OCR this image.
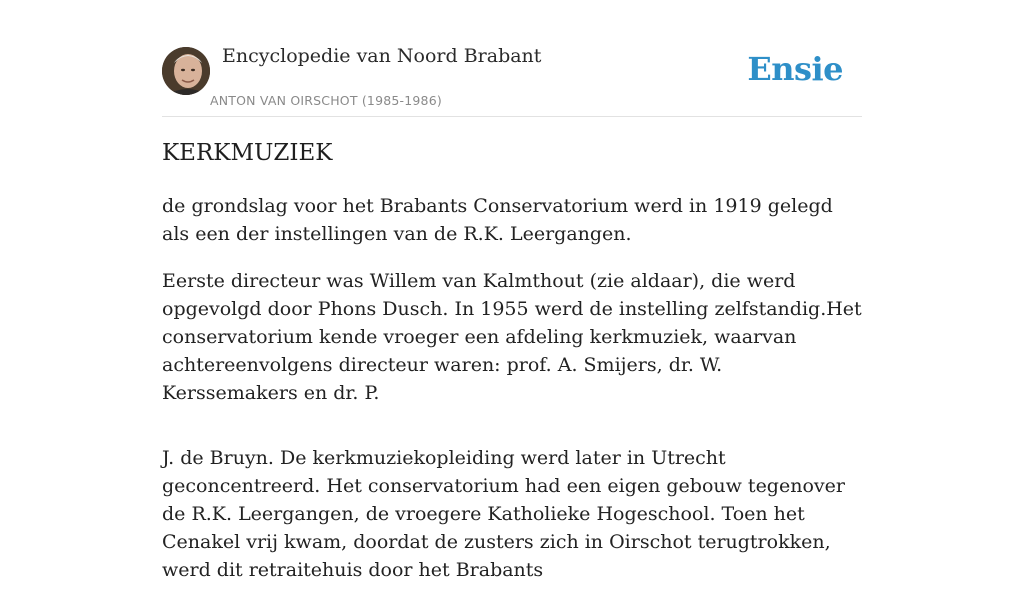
Encyclopedie van Noord Brabant
ANTON VAN OIRSCHOT (1985-1986)
Ensie
KERKMUZIEK

de grondslag voor het Brabants Conservatorium werd in 1919 gelegd als een der instellingen van de R.K. Leergangen.

Eerste directeur was Willem van Kalmthout (zie aldaar), die werd opgevolgd door Phons Dusch. In 1955 werd de instelling zelfstandig.Het conservatorium kende vroeger een afdeling kerkmuziek, waarvan achtereenvolgens directeur waren: prof. A. Smijers, dr. W. Kerssemakers en dr. P.

J. de Bruyn. De kerkmuziekopleiding werd later in Utrecht geconcentreerd. Het conservatorium had een eigen gebouw tegenover de R.K. Leergangen, de vroegere Katholieke Hogeschool. Toen het Cenakel vrij kwam, doordat de zusters zich in Oirschot terugtrokken, werd dit retraitehuis door het Brabants
